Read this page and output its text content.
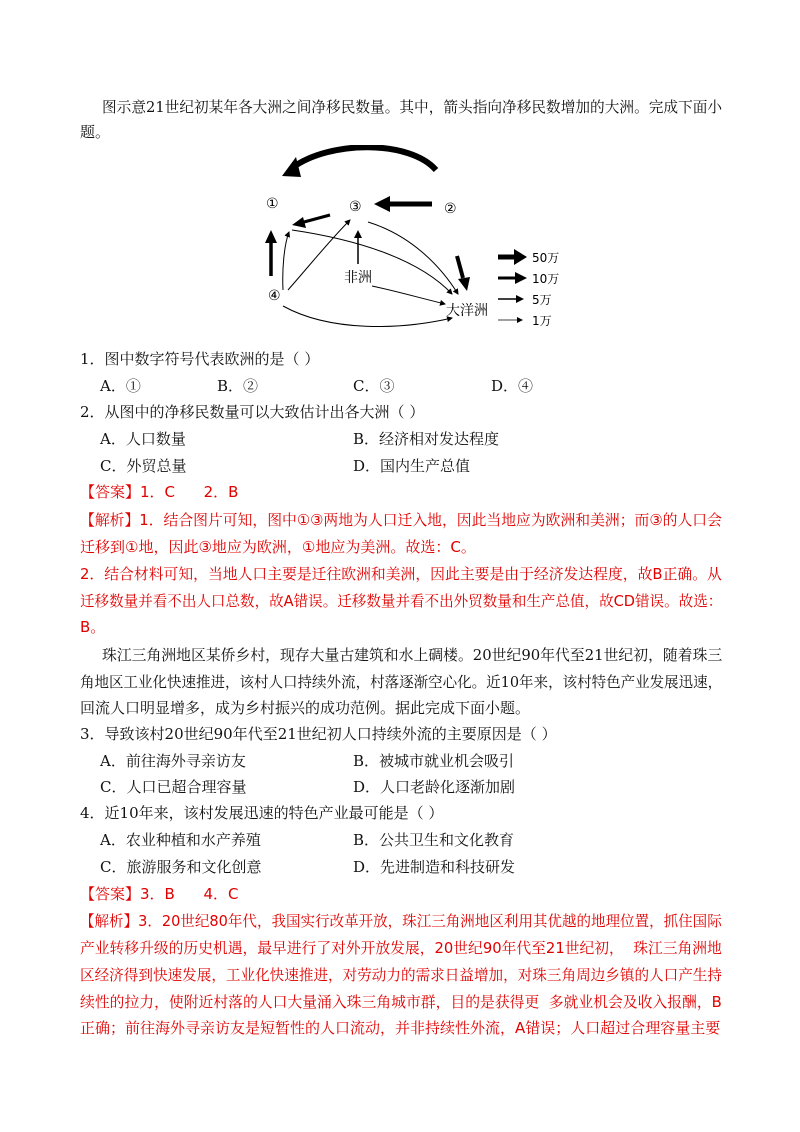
图示意21世纪初某年各大洲之间净移民数量。其中，箭头指向净移民数增加的大洲。完成下面小
题。
①	②
③
④
非洲
大洋洲
50万
10万
5万
1万
1．图中数字符号代表欧洲的是（ ）
A．①	B．②	C．③	D．④
2．从图中的净移民数量可以大致估计出各大洲（ ）
A．人口数量	B．经济相对发达程度
C．外贸总量	D．国内生产总值
【答案】1．C      2．B
【解析】1．结合图片可知，图中①③两地为人口迁入地，因此当地应为欧洲和美洲；而③的人口会
迁移到①地，因此③地应为欧洲，①地应为美洲。故选：C。
2．结合材料可知，当地人口主要是迁往欧洲和美洲，因此主要是由于经济发达程度，故B正确。从
迁移数量并看不出人口总数，故A错误。迁移数量并看不出外贸数量和生产总值，故CD错误。故选：
B。
珠江三角洲地区某侨乡村，现存大量古建筑和水上碉楼。20世纪90年代至21世纪初，随着珠三
角地区工业化快速推进，该村人口持续外流，村落逐渐空心化。近10年来，该村特色产业发展迅速，
回流人口明显增多，成为乡村振兴的成功范例。据此完成下面小题。
3．导致该村20世纪90年代至21世纪初人口持续外流的主要原因是（ ）
A．前往海外寻亲访友	B．被城市就业机会吸引
C．人口已超合理容量	D．人口老龄化逐渐加剧
4．近10年来，该村发展迅速的特色产业最可能是（ ）
A．农业种植和水产养殖	B．公共卫生和文化教育
C．旅游服务和文化创意	D．先进制造和科技研发
【答案】3．B      4．C
【解析】3．20世纪80年代，我国实行改革开放，珠江三角洲地区利用其优越的地理位置，抓住国际
产业转移升级的历史机遇，最早进行了对外开放发展，20世纪90年代至21世纪初，  珠江三角洲地
区经济得到快速发展，工业化快速推进，对劳动力的需求日益增加，对珠三角周边乡镇的人口产生持
续性的拉力，使附近村落的人口大量涌入珠三角城市群，目的是获得更  多就业机会及收入报酬，B
正确；前往海外寻亲访友是短暂性的人口流动，并非持续性外流，A错误；人口超过合理容量主要
